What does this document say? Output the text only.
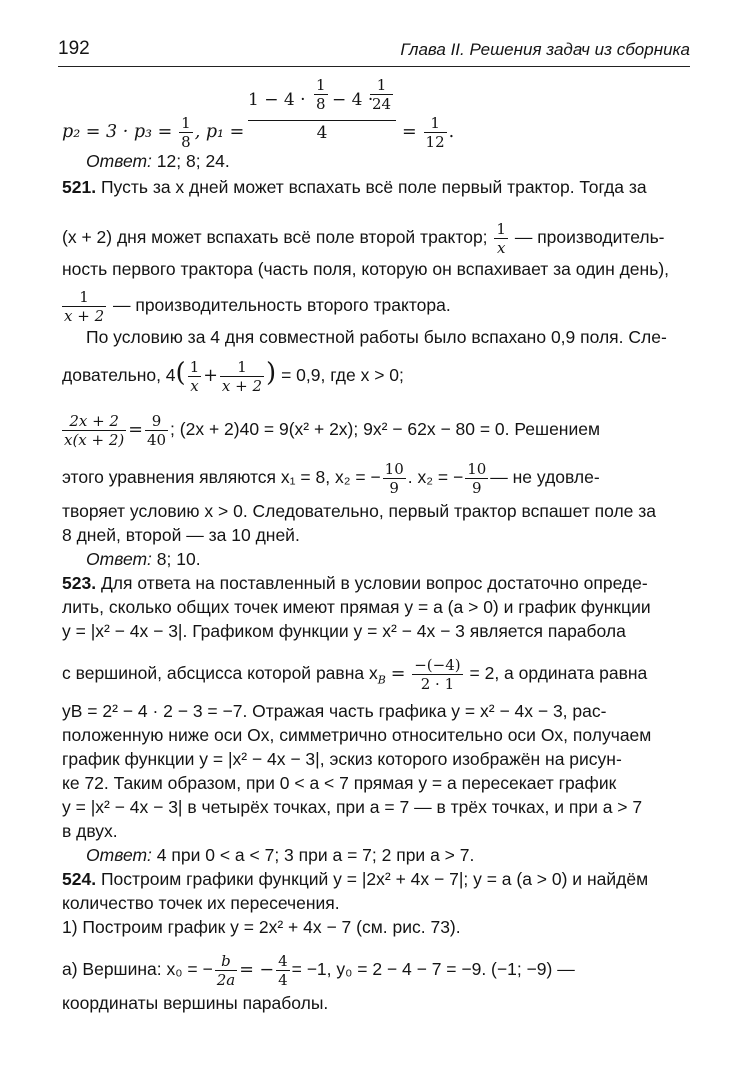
192	Глава II. Решения задач из сборника
$p_2 = 3 \cdot p_3 = \frac{1}{8}$ , p₁ =
$1 - 4 \cdot \frac{1}{8} - 4$ ·
$\frac{1}{24}$
4	= $\frac{1}{12}$ .
Ответ: 12; 8; 24.
521. Пусть за x дней может вспахать всё поле первый трактор. Тогда за
(x + 2) дня может вспахать всё поле второй трактор; $\frac{1}{x}$ — производитель-
ность первого трактора (часть поля, которую он вспахивает за один день),
$\frac{1}{x + 2}$ — производительность второго трактора.
По условию за 4 дня совместной работы было вспахано 0,9 поля. Сле-
довательно, $4( \frac{1}{x} + \frac{1}{x + 2}$ ) = 0,9, где x > 0;
$\frac{2x + 2}{x(x + 2)} = \frac{9}{40}$ ; (2x + 2)40 = 9(x² + 2x); 9x² − 62x − 80 = 0. Решением
этого уравнения являются x₁ = 8, x₂ = − $\frac{10}{9}$ . x₂ = − $\frac{10}{9}$ — не удовле-
творяет условию x > 0. Следовательно, первый трактор вспашет поле за
8 дней, второй — за 10 дней.
Ответ: 8; 10.
523. Для ответа на поставленный в условии вопрос достаточно опреде-
лить, сколько общих точек имеют прямая y = a (a > 0) и график функции
y = |x² − 4x − 3|. Графиком функции y = x² − 4x − 3 является парабола
с вершиной, абсцисса которой равна $x_B = \frac{-(-4)}{2 \cdot 1} = 2$, а ордината равна
yB = 2² − 4 · 2 − 3 = −7. Отражая часть графика y = x² − 4x − 3, рас-
положенную ниже оси Ox, симметрично относительно оси Ox, получаем
график функции y = |x² − 4x − 3|, эскиз которого изображён на рисун-
ке 72. Таким образом, при 0 < a < 7 прямая y = a пересекает график
y = |x² − 4x − 3| в четырёх точках, при a = 7 — в трёх точках, и при a > 7
в двух.
Ответ: 4 при 0 < a < 7; 3 при a = 7; 2 при a > 7.
524. Построим графики функций y = |2x² + 4x − 7|; y = a (a > 0) и найдём
количество точек их пересечения.
1) Построим график y = 2x² + 4x − 7 (см. рис. 73).
а) Вершина: x₀ = − $\frac{b}{2a}$ = − $\frac{4}{4} = -1$, y₀ = 2 − 4 − 7 = −9. (−1; −9) —
координаты вершины параболы.
